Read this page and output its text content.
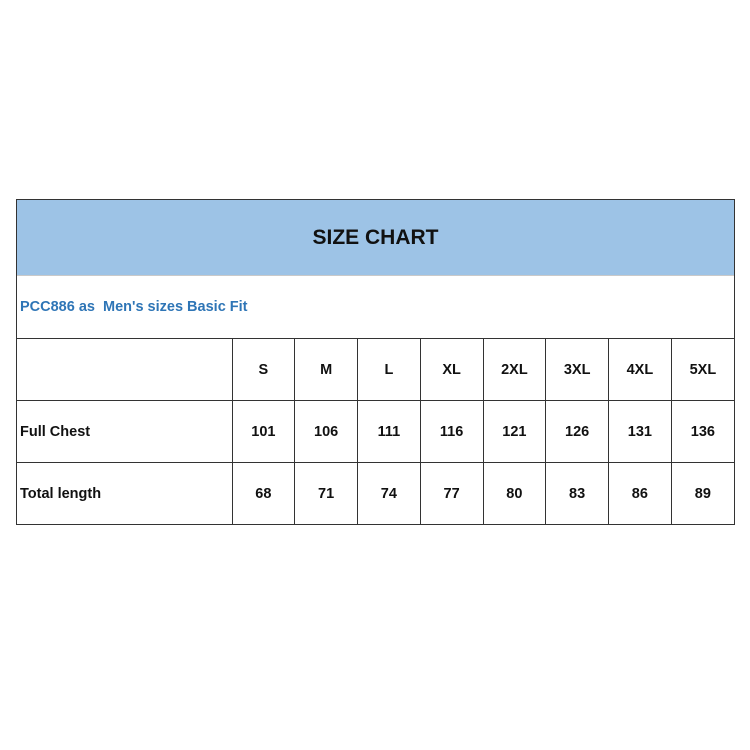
SIZE CHART
PCC886 as  Men's sizes Basic Fit
	S	M	L	XL	2XL	3XL	4XL	5XL
Full Chest	101	106	111	116	121	126	131	136
Total length	68	71	74	77	80	83	86	89
